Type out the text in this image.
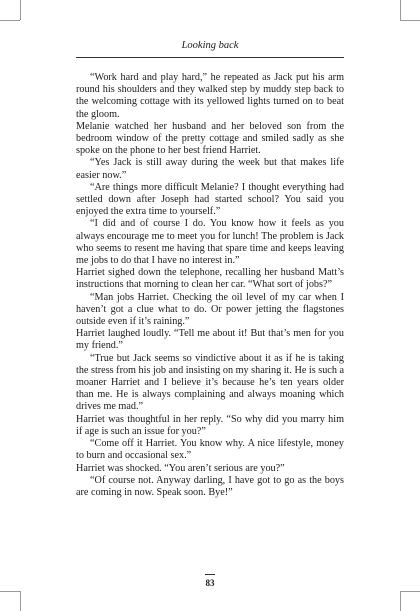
Looking back

“Work hard and play hard,” he repeated as Jack put his arm round his shoulders and they walked step by muddy step back to the welcoming cottage with its yellowed lights turned on to beat the gloom.

Melanie watched her husband and her beloved son from the bedroom window of the pretty cottage and smiled sadly as she spoke on the phone to her best friend Harriet.

“Yes Jack is still away during the week but that makes life easier now.”

“Are things more difficult Melanie? I thought everything had settled down after Joseph had started school? You said you enjoyed the extra time to yourself.”

“I did and of course I do. You know how it feels as you always encourage me to meet you for lunch! The problem is Jack who seems to resent me having that spare time and keeps leaving me jobs to do that I have no interest in.”

Harriet sighed down the telephone, recalling her husband Matt’s instructions that morning to clean her car. “What sort of jobs?”

“Man jobs Harriet. Checking the oil level of my car when I haven’t got a clue what to do. Or power jetting the flagstones outside even if it’s raining.”

Harriet laughed loudly. “Tell me about it! But that’s men for you my friend.”

“True but Jack seems so vindictive about it as if he is taking the stress from his job and insisting on my sharing it. He is such a moaner Harriet and I believe it’s because he’s ten years older than me. He is always complaining and always moaning which drives me mad.”

Harriet was thoughtful in her reply. “So why did you marry him if age is such an issue for you?”

“Come off it Harriet. You know why. A nice lifestyle, money to burn and occasional sex.”

Harriet was shocked. “You aren’t serious are you?”

“Of course not. Anyway darling, I have got to go as the boys are coming in now. Speak soon. Bye!”

83
